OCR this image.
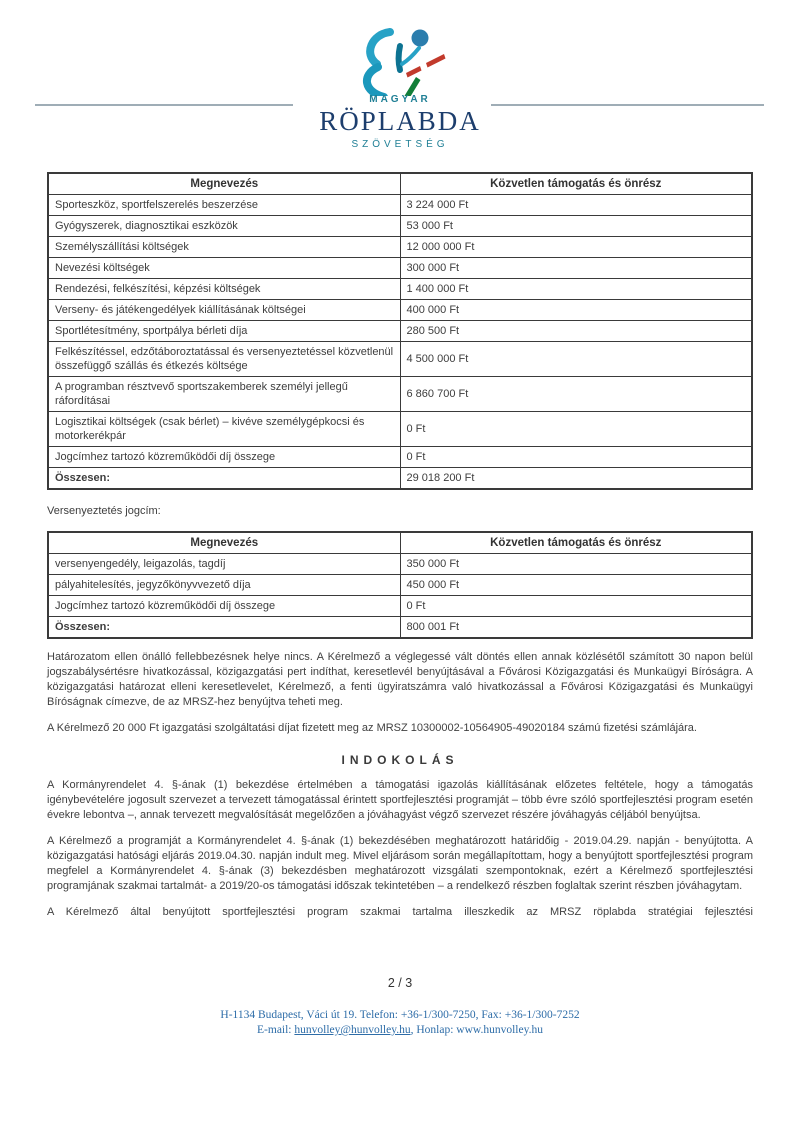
MAGYAR
RÖPLABDA
SZÖVETSÉG
Megnevezés	Közvetlen támogatás és önrész
Sporteszköz, sportfelszerelés beszerzése	3 224 000 Ft
Gyógyszerek, diagnosztikai eszközök	53 000 Ft
Személyszállítási költségek	12 000 000 Ft
Nevezési költségek	300 000 Ft
Rendezési, felkészítési, képzési költségek	1 400 000 Ft
Verseny- és játékengedélyek kiállításának költségei	400 000 Ft
Sportlétesítmény, sportpálya bérleti díja	280 500 Ft
Felkészítéssel, edzőtáboroztatással és versenyeztetéssel közvetlenül összefüggő szállás és étkezés költsége	4 500 000 Ft
A programban résztvevő sportszakemberek személyi jellegű ráfordításai	6 860 700 Ft
Logisztikai költségek (csak bérlet) – kivéve személygépkocsi és motorkerékpár	0 Ft
Jogcímhez tartozó közreműködői díj összege	0 Ft
Összesen:	29 018 200 Ft
Versenyeztetés jogcím:
Megnevezés	Közvetlen támogatás és önrész
versenyengedély, leigazolás, tagdíj	350 000 Ft
pályahitelesítés, jegyzőkönyvvezető díja	450 000 Ft
Jogcímhez tartozó közreműködői díj összege	0 Ft
Összesen:	800 001 Ft

Határozatom ellen önálló fellebbezésnek helye nincs. A Kérelmező a véglegessé vált döntés ellen annak közlésétől számított 30 napon belül jogszabálysértésre hivatkozással, közigazgatási pert indíthat, keresetlevél benyújtásával a Fővárosi Közigazgatási és Munkaügyi Bíróságra. A közigazgatási határozat elleni keresetlevelet, Kérelmező, a fenti ügyiratszámra való hivatkozással a Fővárosi Közigazgatási és Munkaügyi Bíróságnak címezve, de az MRSZ-hez benyújtva teheti meg.

A Kérelmező 20 000 Ft igazgatási szolgáltatási díjat fizetett meg az MRSZ 10300002-10564905-49020184 számú fizetési számlájára.

INDOKOLÁS

A Kormányrendelet 4. §-ának (1) bekezdése értelmében a támogatási igazolás kiállításának előzetes feltétele, hogy a támogatás igénybevételére jogosult szervezet a tervezett támogatással érintett sportfejlesztési programját – több évre szóló sportfejlesztési program esetén évekre lebontva –, annak tervezett megvalósítását megelőzően a jóváhagyást végző szervezet részére jóváhagyás céljából benyújtsa.

A Kérelmező a programját a Kormányrendelet 4. §-ának (1) bekezdésében meghatározott határidőig - 2019.04.29. napján - benyújtotta. A közigazgatási hatósági eljárás 2019.04.30. napján indult meg. Mivel eljárásom során megállapítottam, hogy a benyújtott sportfejlesztési program megfelel a Kormányrendelet 4. §-ának (3) bekezdésben meghatározott vizsgálati szempontoknak, ezért a Kérelmező sportfejlesztési programjának szakmai tartalmát- a 2019/20-os támogatási időszak tekintetében – a rendelkező részben foglaltak szerint részben jóváhagytam.

A Kérelmező által benyújtott sportfejlesztési program szakmai tartalma illeszkedik az MRSZ röplabda stratégiai fejlesztési

2 / 3
H-1134 Budapest, Váci út 19. Telefon: +36-1/300-7250, Fax: +36-1/300-7252
E-mail: hunvolley@hunvolley.hu, Honlap: www.hunvolley.hu
